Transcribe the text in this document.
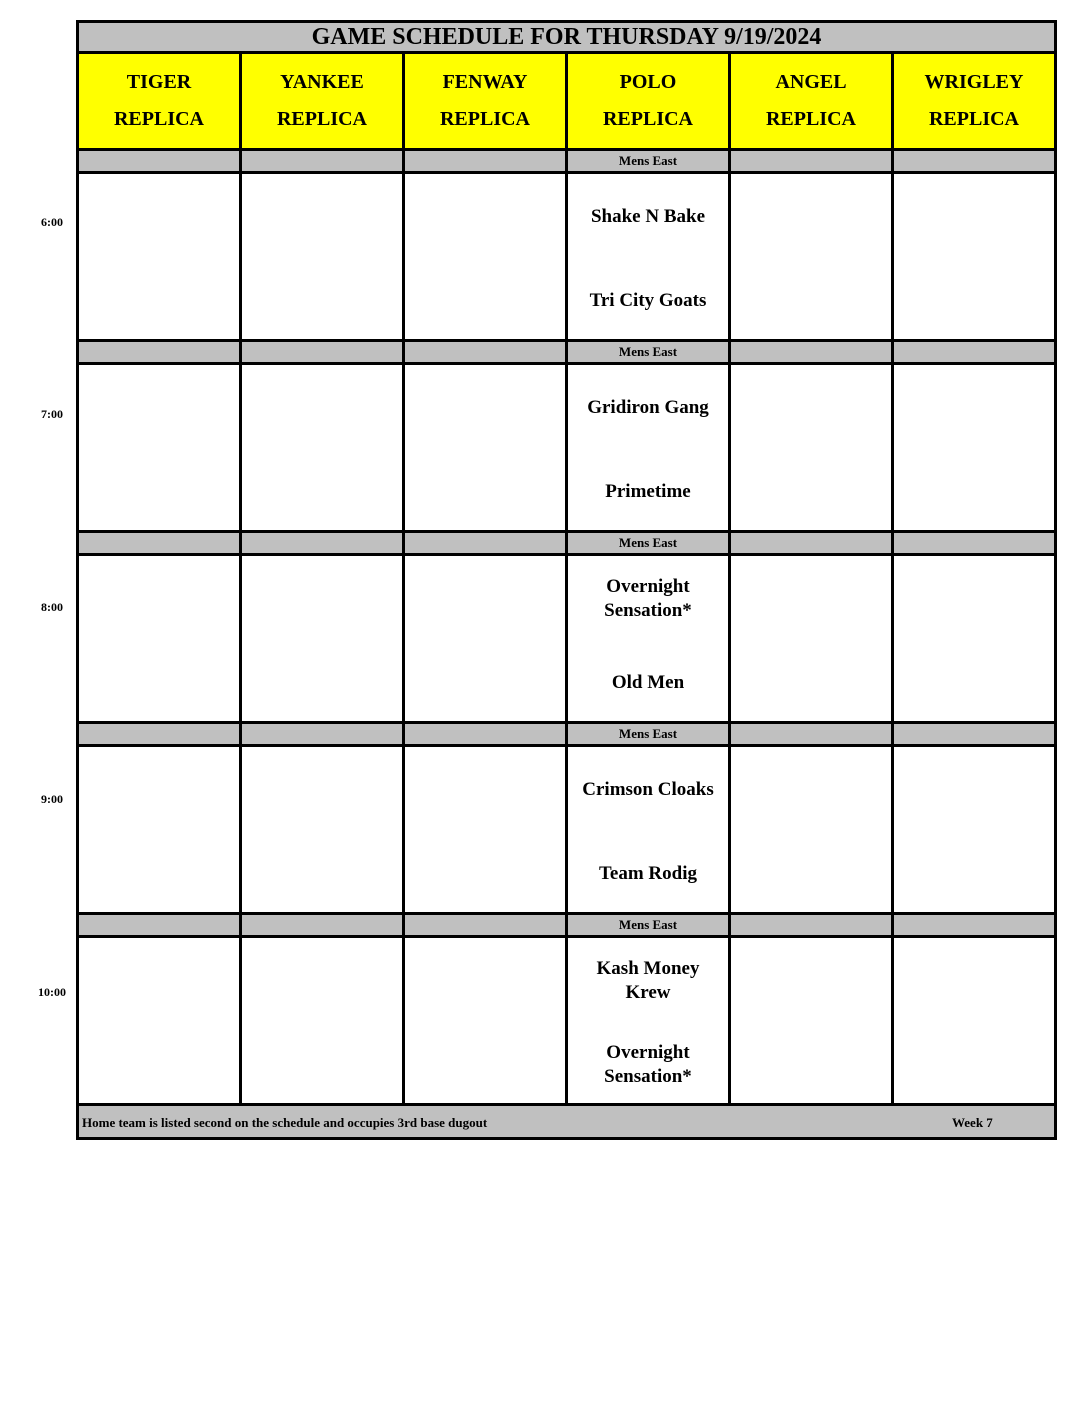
6:00
7:00
8:00
9:00
10:00
GAME SCHEDULE FOR THURSDAY 9/19/2024
TIGER
REPLICA
YANKEE
REPLICA
FENWAY
REPLICA
POLO
REPLICA
ANGEL
REPLICA
WRIGLEY
REPLICA
Mens East
Shake N Bake
Tri City Goats
Mens East
Gridiron Gang
Primetime
Mens East
Overnight Sensation*
Old Men
Mens East
Crimson Cloaks
Team Rodig
Mens East
Kash Money Krew
Overnight Sensation*
Home team is listed second on the schedule and occupies 3rd base dugout	Week 7
